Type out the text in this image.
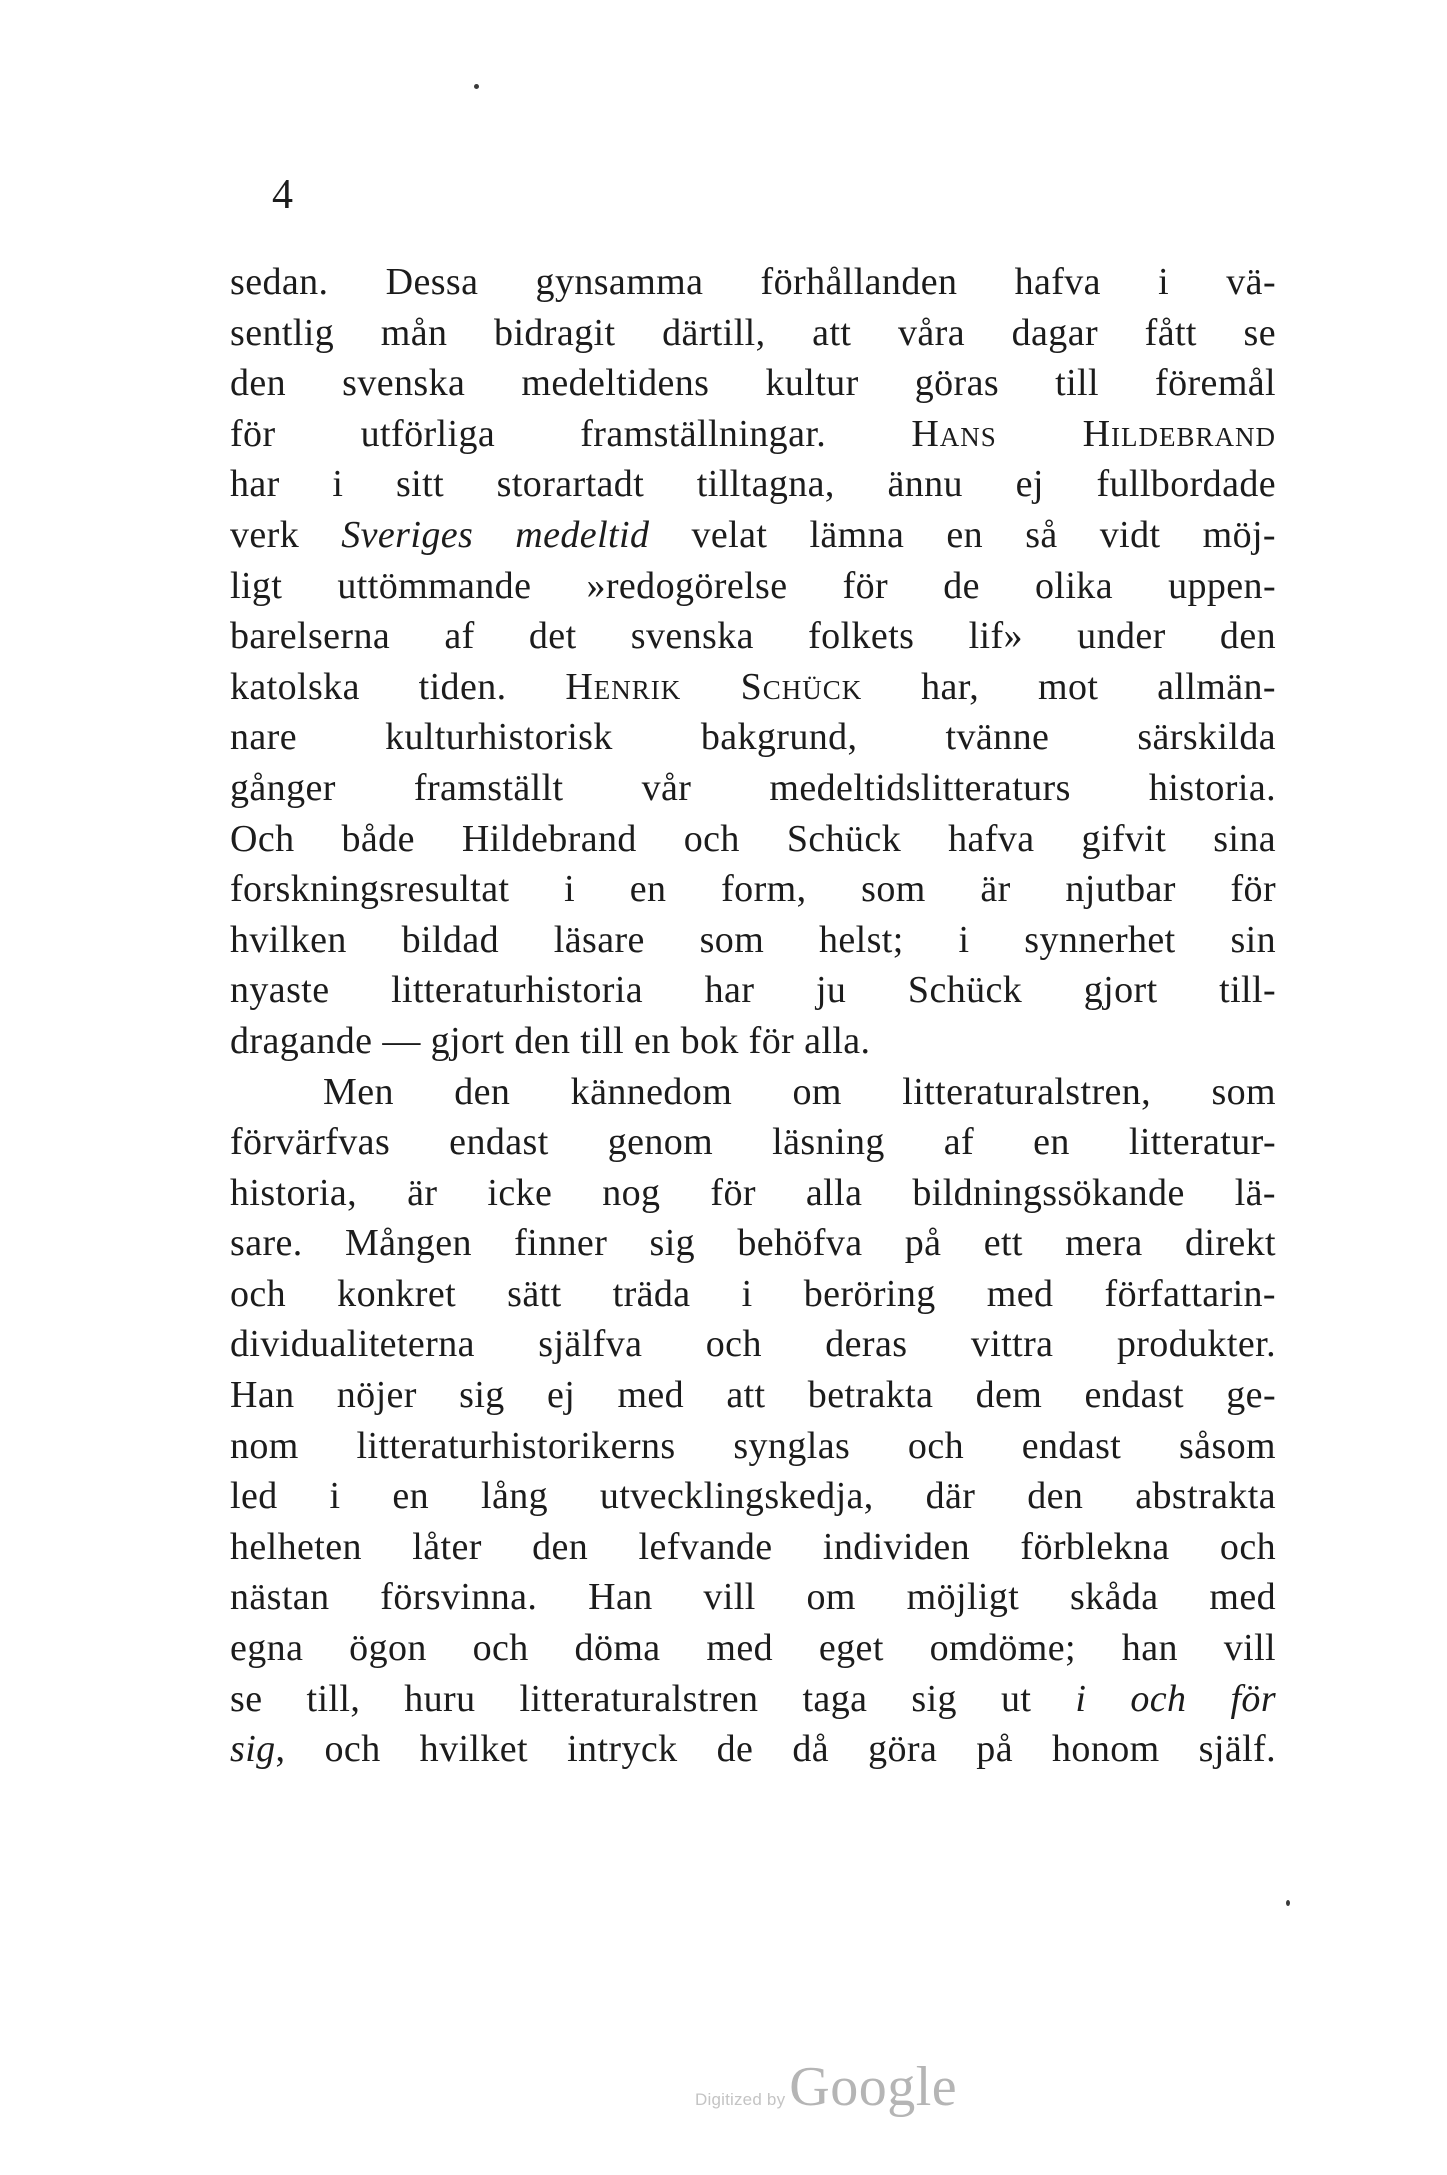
4
sedan. Dessa gynsamma förhållanden hafva i vä-
sentlig mån bidragit därtill, att våra dagar fått se
den svenska medeltidens kultur göras till föremål
för utförliga framställningar. Hans Hildebrand
har i sitt storartadt tilltagna, ännu ej fullbordade
verk Sveriges medeltid velat lämna en så vidt möj-
ligt uttömmande »redogörelse för de olika uppen-
barelserna af det svenska folkets lif» under den
katolska tiden. Henrik Schück har, mot allmän-
nare kulturhistorisk bakgrund, tvänne särskilda
gånger framställt vår medeltidslitteraturs historia.
Och både Hildebrand och Schück hafva gifvit sina
forskningsresultat i en form, som är njutbar för
hvilken bildad läsare som helst; i synnerhet sin
nyaste litteraturhistoria har ju Schück gjort till-
dragande — gjort den till en bok för alla.
Men den kännedom om litteraturalstren, som
förvärfvas endast genom läsning af en litteratur-
historia, är icke nog för alla bildningssökande lä-
sare. Mången finner sig behöfva på ett mera direkt
och konkret sätt träda i beröring med författarin-
dividualiteterna själfva och deras vittra produkter.
Han nöjer sig ej med att betrakta dem endast ge-
nom litteraturhistorikerns synglas och endast såsom
led i en lång utvecklingskedja, där den abstrakta
helheten låter den lefvande individen förblekna och
nästan försvinna. Han vill om möjligt skåda med
egna ögon och döma med eget omdöme; han vill
se till, huru litteraturalstren taga sig ut i och för
sig, och hvilket intryck de då göra på honom själf.
Digitized by Google
